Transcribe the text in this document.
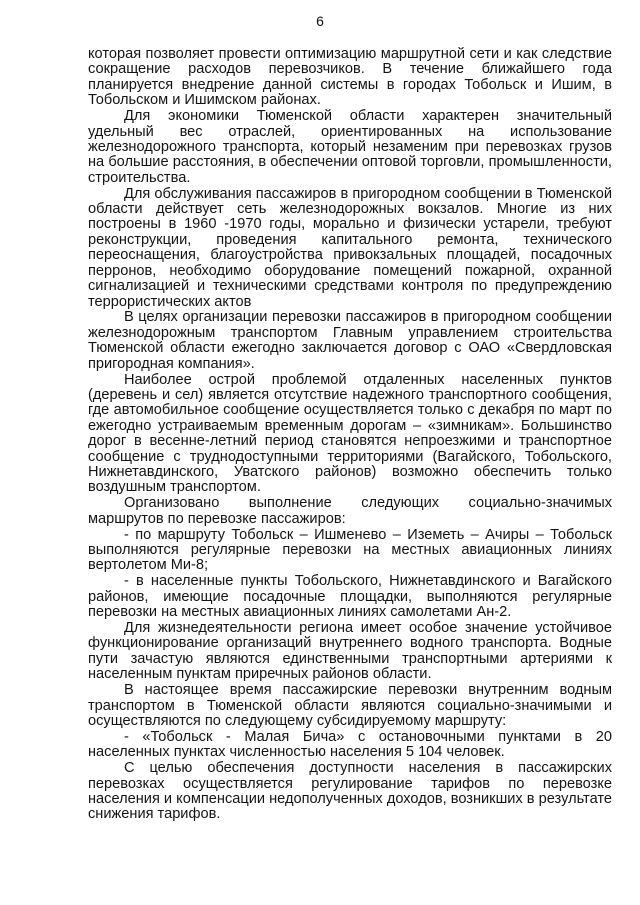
6

которая позволяет провести оптимизацию маршрутной сети и как следствие сокращение расходов перевозчиков. В течение ближайшего года планируется внедрение данной системы в городах Тобольск и Ишим, в Тобольском и Ишимском районах.

Для экономики Тюменской области характерен значительный удельный вес отраслей, ориентированных на использование железнодорожного транспорта, который незаменим при перевозках грузов на большие расстояния, в обеспечении оптовой торговли, промышленности, строительства.

Для обслуживания пассажиров в пригородном сообщении в Тюменской области действует сеть железнодорожных вокзалов. Многие из них построены в 1960 -1970 годы, морально и физически устарели, требуют реконструкции, проведения капитального ремонта, технического переоснащения, благоустройства привокзальных площадей, посадочных перронов, необходимо оборудование помещений пожарной, охранной сигнализацией и техническими средствами контроля по предупреждению террористических актов

В целях организации перевозки пассажиров в пригородном сообщении железнодорожным транспортом Главным управлением строительства Тюменской области ежегодно заключается договор с ОАО «Свердловская пригородная компания».

Наиболее острой проблемой отдаленных населенных пунктов (деревень и сел) является отсутствие надежного транспортного сообщения, где автомобильное сообщение осуществляется только с декабря по март по ежегодно устраиваемым временным дорогам – «зимникам». Большинство дорог в весенне-летний период становятся непроезжими и транспортное сообщение с труднодоступными территориями (Вагайского, Тобольского, Нижнетавдинского, Уватского районов) возможно обеспечить только воздушным транспортом.

Организовано выполнение следующих социально-значимых маршрутов по перевозке пассажиров:

- по маршруту Тобольск – Ишменево – Иземеть – Ачиры – Тобольск выполняются регулярные перевозки на местных авиационных линиях вертолетом Ми-8;

- в населенные пункты Тобольского, Нижнетавдинского и Вагайского районов, имеющие посадочные площадки, выполняются регулярные перевозки на местных авиационных линиях самолетами Ан-2.

Для жизнедеятельности региона имеет особое значение устойчивое функционирование организаций внутреннего водного транспорта. Водные пути зачастую являются единственными транспортными артериями к населенным пунктам приречных районов области.

В настоящее время пассажирские перевозки внутренним водным транспортом в Тюменской области являются социально-значимыми и осуществляются по следующему субсидируемому маршруту:

- «Тобольск - Малая Бича» с остановочными пунктами в 20 населенных пунктах численностью населения 5 104 человек.

С целью обеспечения доступности населения в пассажирских перевозках осуществляется регулирование тарифов по перевозке населения и компенсации недополученных доходов, возникших в результате снижения тарифов.
